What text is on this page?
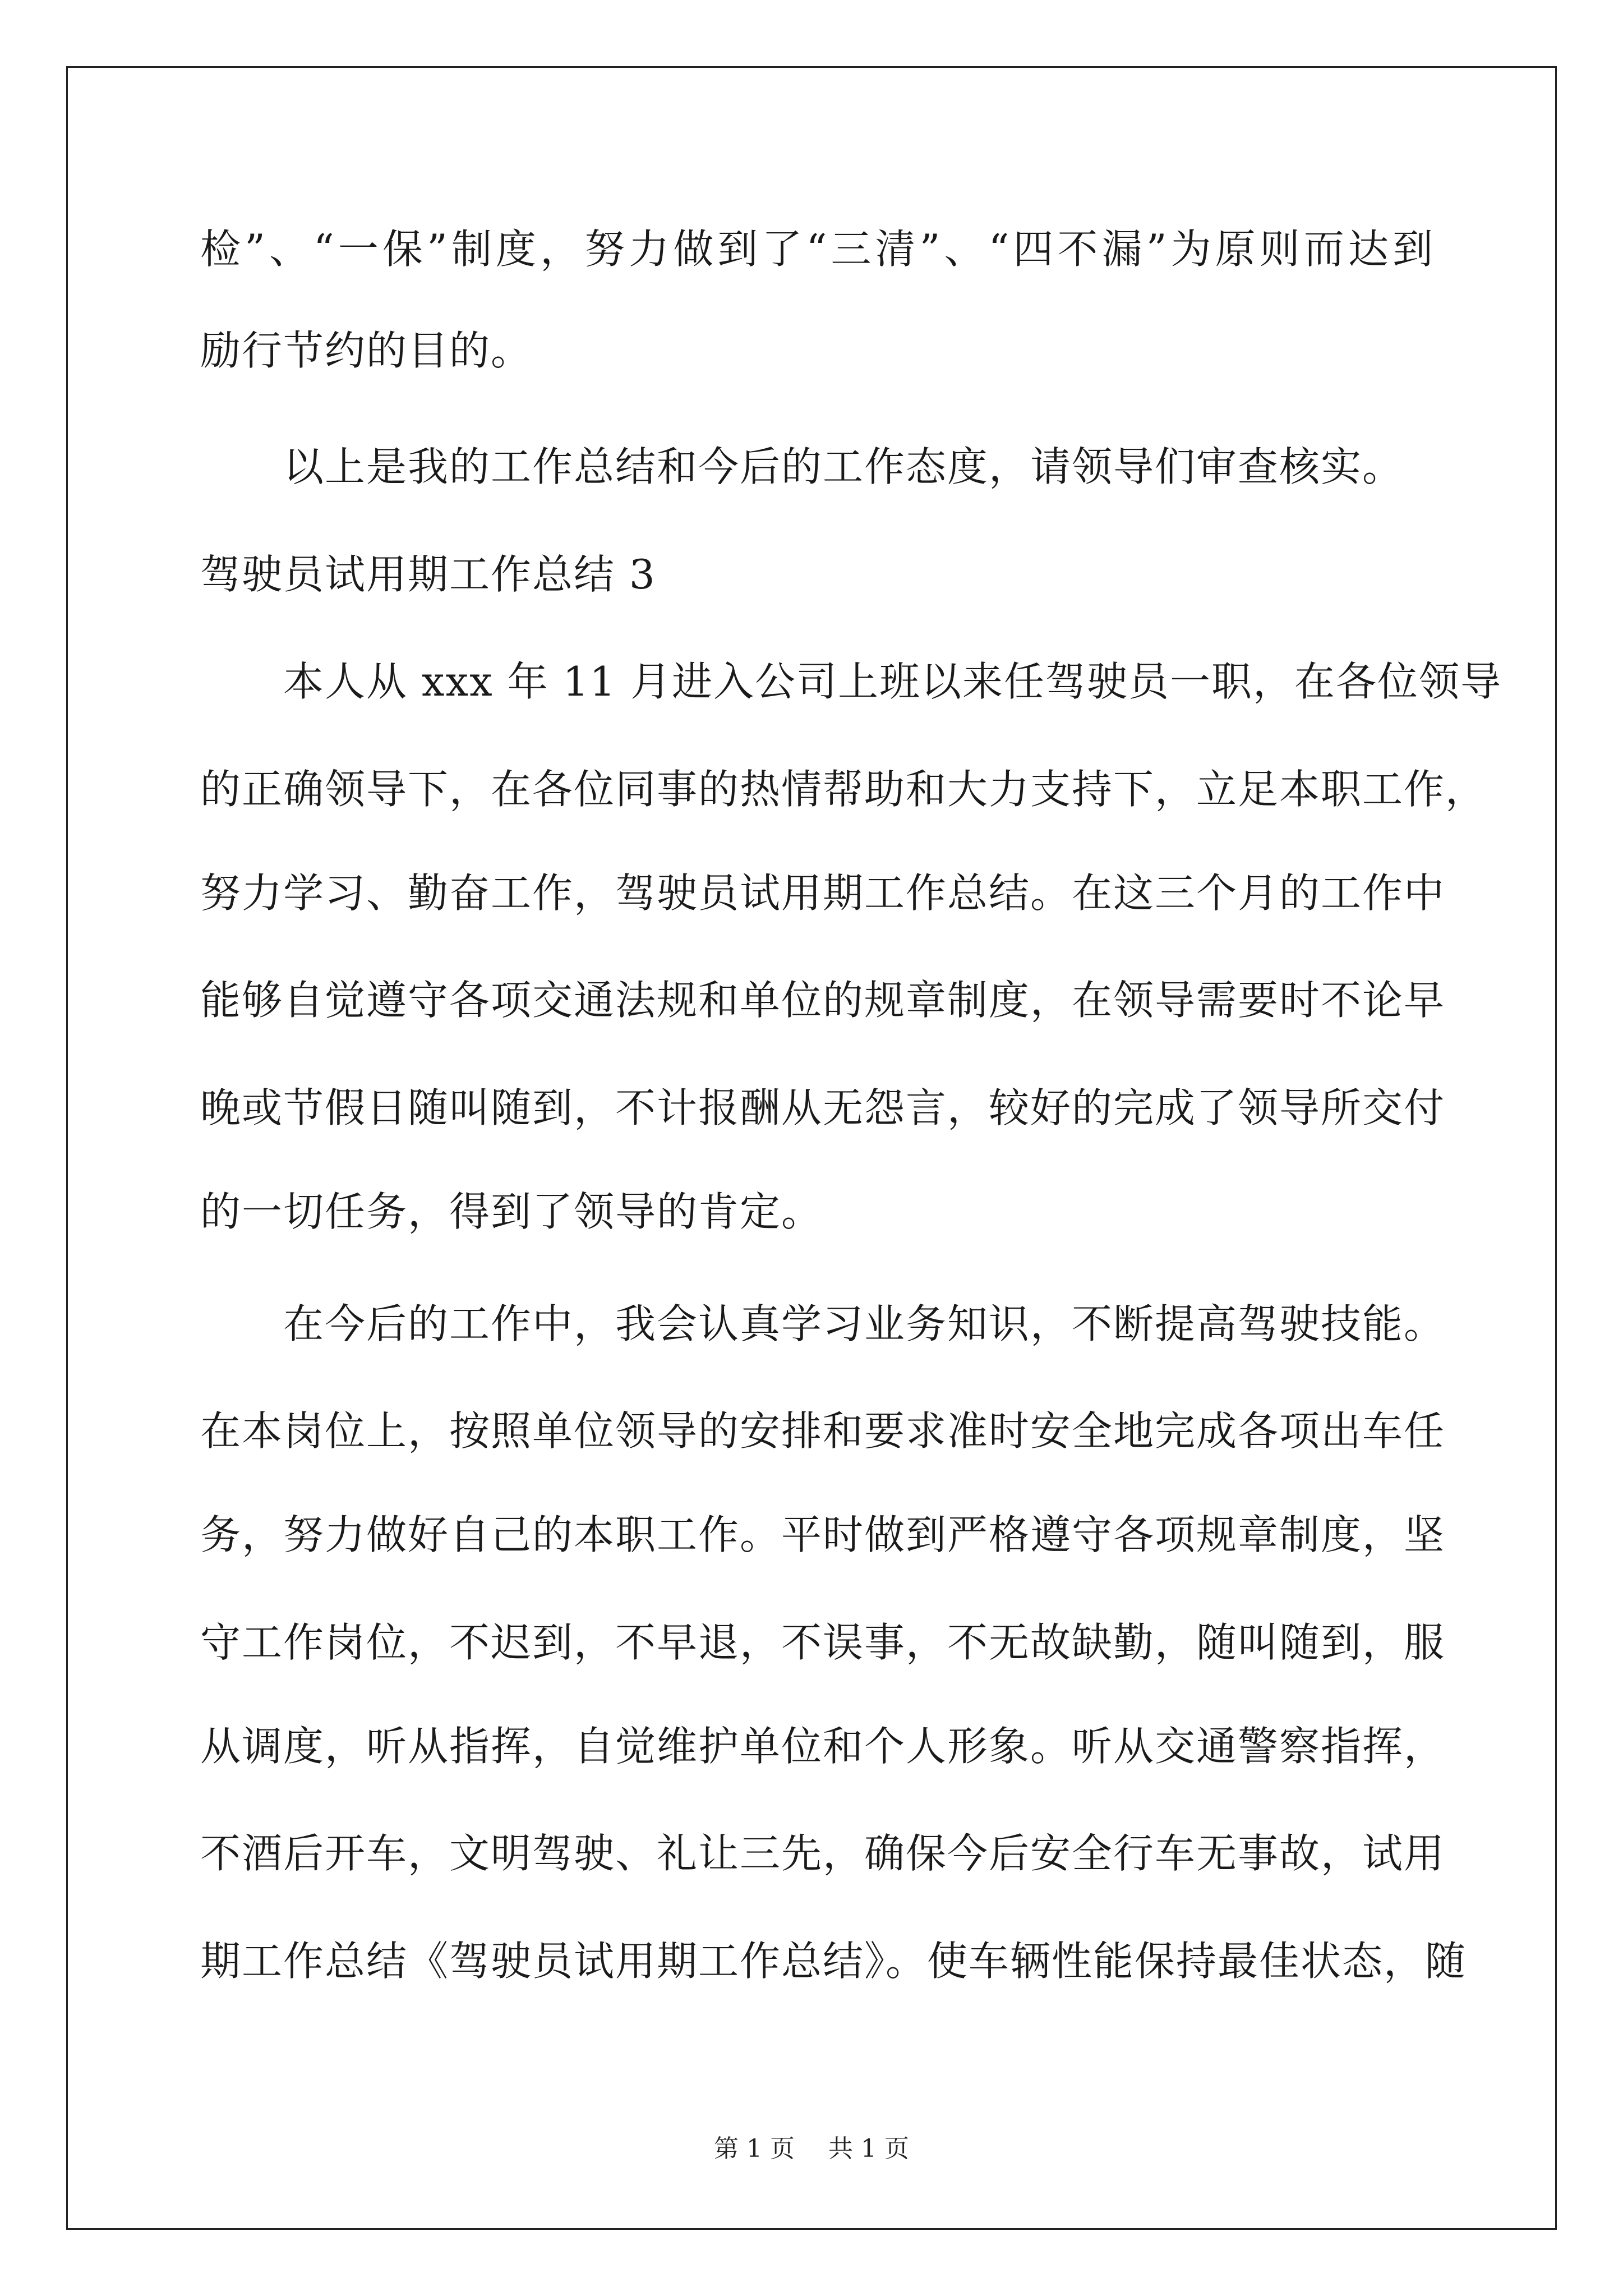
检”、“一保”制度，努力做到了“三清”、“四不漏”为原则而达到
励行节约的目的。
以上是我的工作总结和今后的工作态度，请领导们审查核实。
驾驶员试用期工作总结 3
本人从 xxx 年 11 月进入公司上班以来任驾驶员一职，在各位领导
的正确领导下，在各位同事的热情帮助和大力支持下，立足本职工作，
努力学习、勤奋工作，驾驶员试用期工作总结。在这三个月的工作中
能够自觉遵守各项交通法规和单位的规章制度，在领导需要时不论早
晚或节假日随叫随到，不计报酬从无怨言，较好的完成了领导所交付
的一切任务，得到了领导的肯定。
在今后的工作中，我会认真学习业务知识，不断提高驾驶技能。
在本岗位上，按照单位领导的安排和要求准时安全地完成各项出车任
务，努力做好自己的本职工作。平时做到严格遵守各项规章制度，坚
守工作岗位，不迟到，不早退，不误事，不无故缺勤，随叫随到，服
从调度，听从指挥，自觉维护单位和个人形象。听从交通警察指挥，
不酒后开车，文明驾驶、礼让三先，确保今后安全行车无事故，试用
期工作总结《驾驶员试用期工作总结》。使车辆性能保持最佳状态，随
第 1 页 共 1 页
